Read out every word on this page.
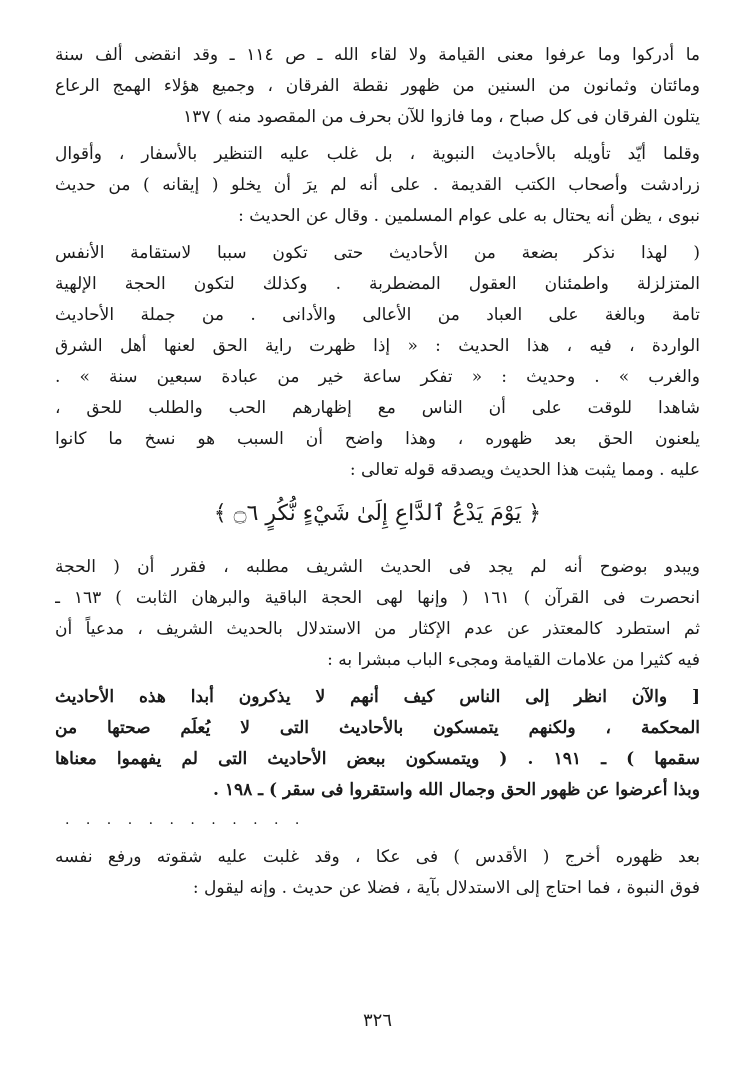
ما أدركوا وما عرفوا معنى القيامة ولا لقاء الله ـ ص ١١٤ ـ وقد انقضى ألف سنة
ومائتان وثمانون من السنين من ظهور نقطة الفرقان ، وجميع هؤلاء الهمج الرعاع
يتلون الفرقان فى كل صباح ، وما فازوا للآن بحرف من المقصود منه ) ١٣٧

وقلما أيّد تأويله بالأحاديث النبوية ، بل غلب عليه التنظير بالأسفار ، وأقوال
زرادشت وأصحاب الكتب القديمة . على أنه لم يرَ أن يخلو ( إيقانه ) من حديث
نبوى ، يظن أنه يحتال به على عوام المسلمين . وقال عن الحديث :

( لهذا نذكر بضعة من الأحاديث حتى تكون سببا لاستقامة الأنفس
المتزلزلة واطمئنان العقول المضطربة . وكذلك لتكون الحجة الإلهية
تامة وبالغة على العباد من الأعالى والأدانى . من جملة الأحاديث
الواردة ، فيه ، هذا الحديث : « إذا ظهرت راية الحق لعنها أهل الشرق
والغرب » . وحديث : « تفكر ساعة خير من عبادة سبعين سنة » .
شاهدا للوقت على أن الناس مع إظهارهم الحب والطلب للحق ،
يلعنون الحق بعد ظهوره ، وهذا واضح أن السبب هو نسخ ما كانوا
عليه . ومما يثبت هذا الحديث ويصدقه قوله تعالى :

﴿ يَوْمَ يَدْعُ ٱلدَّاعِ إِلَىٰ شَيْءٍ نُّكُرٍ ۝٦ ﴾

ويبدو بوضوح أنه لم يجد فى الحديث الشريف مطلبه ، فقرر أن ( الحجة
انحصرت فى القرآن ) ١٦١ ( وإنها لهى الحجة الباقية والبرهان الثابت ) ١٦٣ ـ
ثم استطرد كالمعتذر عن عدم الإكثار من الاستدلال بالحديث الشريف ، مدعياً أن
فيه كثيرا من علامات القيامة ومجىء الباب مبشرا به :

[ والآن انظر إلى الناس كيف أنهم لا يذكرون أبدا هذه الأحاديث
المحكمة ، ولكنهم يتمسكون بالأحاديث التى لا يُعلَم صحتها من
سقمها ) ـ ١٩١ . ( ويتمسكون ببعض الأحاديث التى لم يفهموا معناها
وبذا أعرضوا عن ظهور الحق وجمال الله واستقروا فى سقر ) ـ ١٩٨ .

. . . . . . . . . . . .

بعد ظهوره أخرج ( الأقدس ) فى عكا ، وقد غلبت عليه شقوته ورفع نفسه
فوق النبوة ، فما احتاج إلى الاستدلال بآية ، فضلا عن حديث . وإنه ليقول :

٣٢٦
